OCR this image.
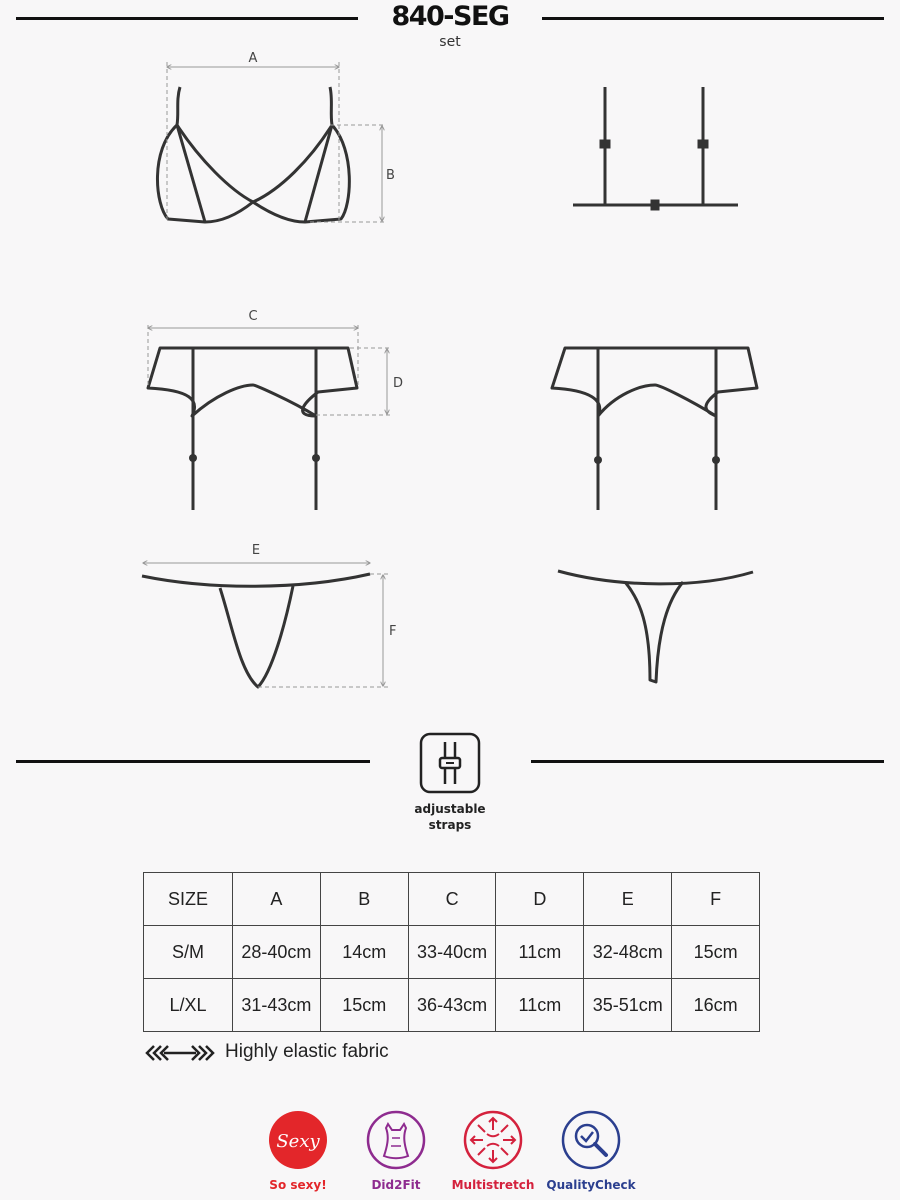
840-SEG
set
A
B
C
D
E
F
adjustable
straps
SIZE	A	B	C	D	E	F
S/M	28-40cm	14cm	33-40cm	11cm	32-48cm	15cm
L/XL	31-43cm	15cm	36-43cm	11cm	35-51cm	16cm
Highly elastic fabric
Sexy
So sexy!	Did2Fit	Multistretch	QualityCheck
